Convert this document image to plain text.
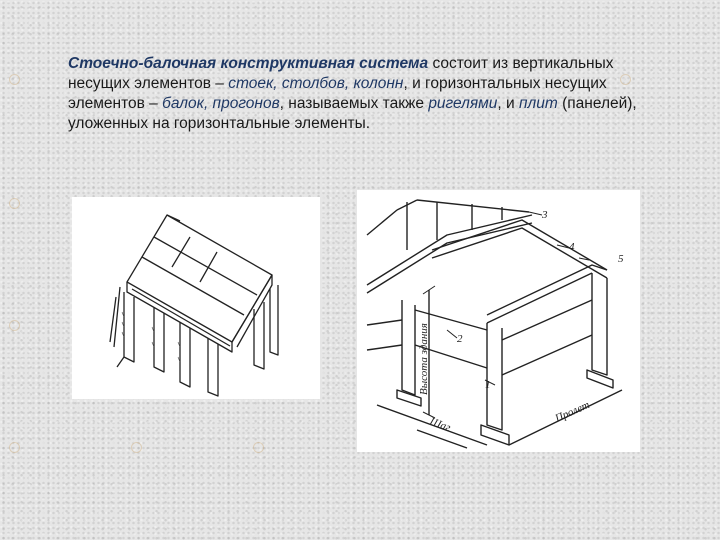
Стоечно-балочная конструктивная система состоит из вертикальных несущих элементов – стоек, столбов, колонн, и горизонтальных несущих элементов – балок, прогонов, называемых также ригелями, и плит (панелей), уложенных на горизонтальные элементы.
3
4
5
2
1
Высота здания
Шаг
Пролет
